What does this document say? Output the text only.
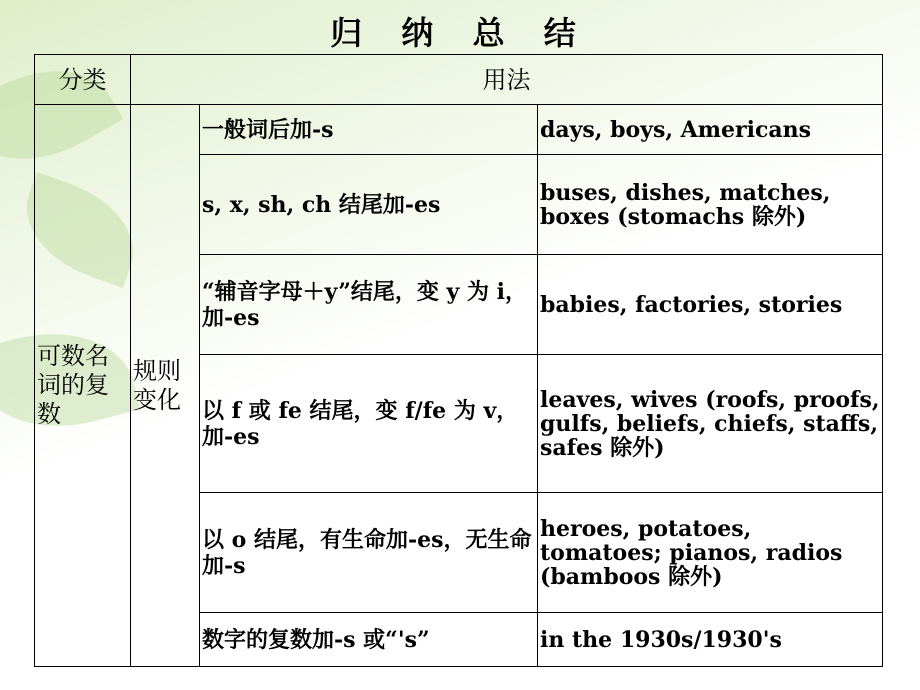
归 纳 总 结
分类	用法		
可数名词的复数	规则变化	一般词后加-s	days, boys, Americans
		s, x, sh, ch 结尾加-es	buses, dishes, matches, boxes (stomachs 除外)
		“辅音字母＋y”结尾，变 y 为 i，加-es	babies, factories, stories
		以 f 或 fe 结尾，变 f/fe 为 v，加-es	leaves, wives (roofs, proofs, gulfs, beliefs, chiefs, staffs, safes 除外)
		以 o 结尾，有生命加-es，无生命加-s	heroes, potatoes, tomatoes; pianos, radios (bamboos 除外)
		数字的复数加-s 或“'s”	in the 1930s/1930's
